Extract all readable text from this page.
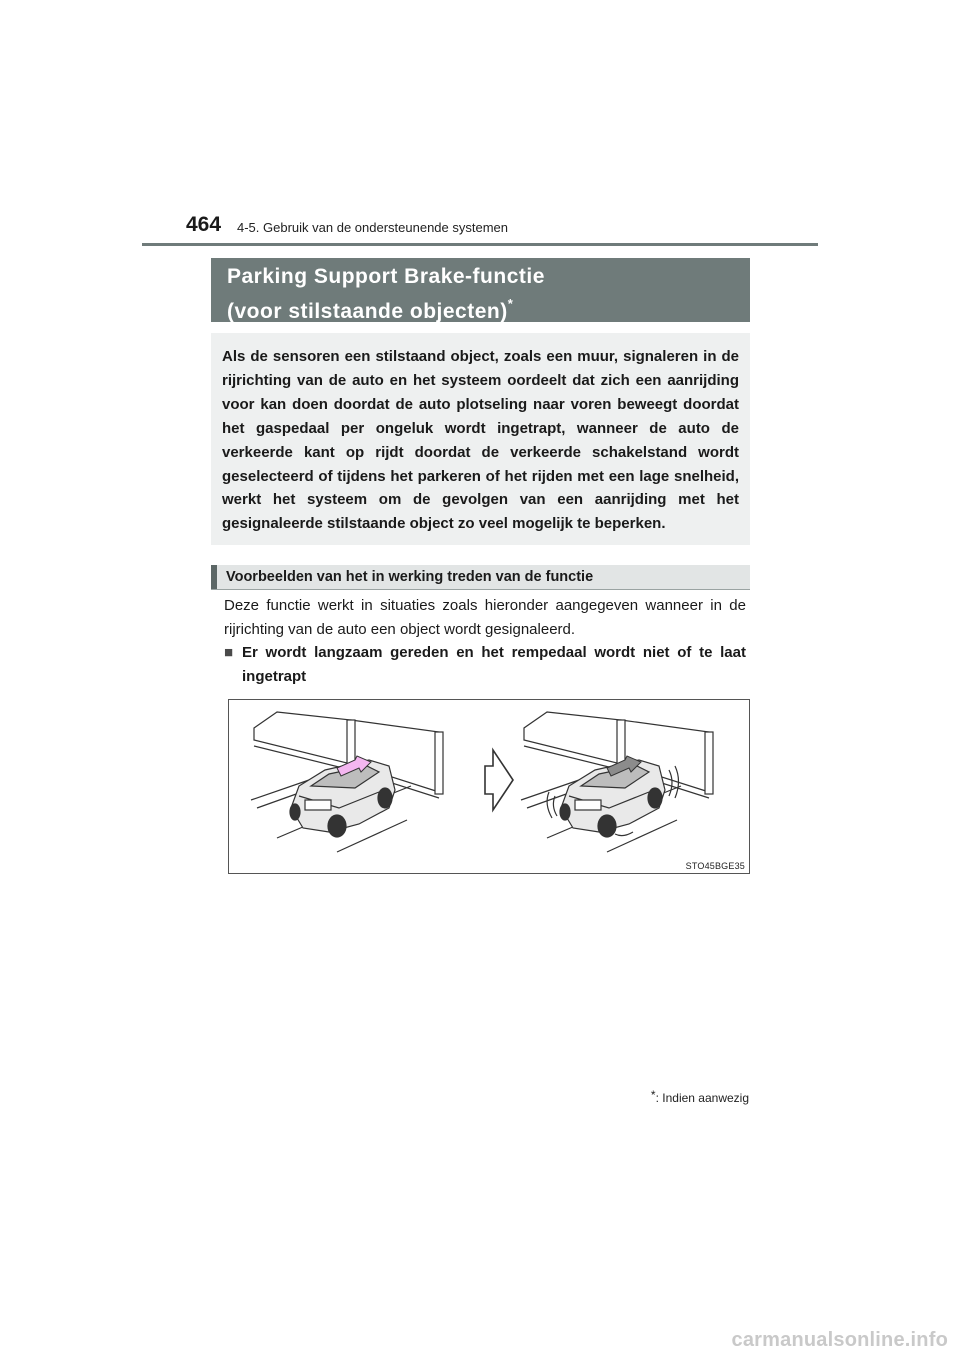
464 4-5. Gebruik van de ondersteunende systemen
Parking Support Brake-functie
(voor stilstaande objecten)*
Als de sensoren een stilstaand object, zoals een muur, signaleren in de rijrichting van de auto en het systeem oordeelt dat zich een aanrijding voor kan doen doordat de auto plotseling naar voren beweegt doordat het gaspedaal per ongeluk wordt ingetrapt, wanneer de auto de verkeerde kant op rijdt doordat de verkeerde schakelstand wordt geselecteerd of tijdens het parkeren of het rijden met een lage snelheid, werkt het systeem om de gevolgen van een aanrijding met het gesignaleerde stilstaande object zo veel mogelijk te beperken.
Voorbeelden van het in werking treden van de functie
Deze functie werkt in situaties zoals hieronder aangegeven wanneer in de rijrichting van de auto een object wordt gesignaleerd.
■ Er wordt langzaam gereden en het rempedaal wordt niet of te laat ingetrapt
STO45BGE35
*: Indien aanwezig
carmanualsonline.info
